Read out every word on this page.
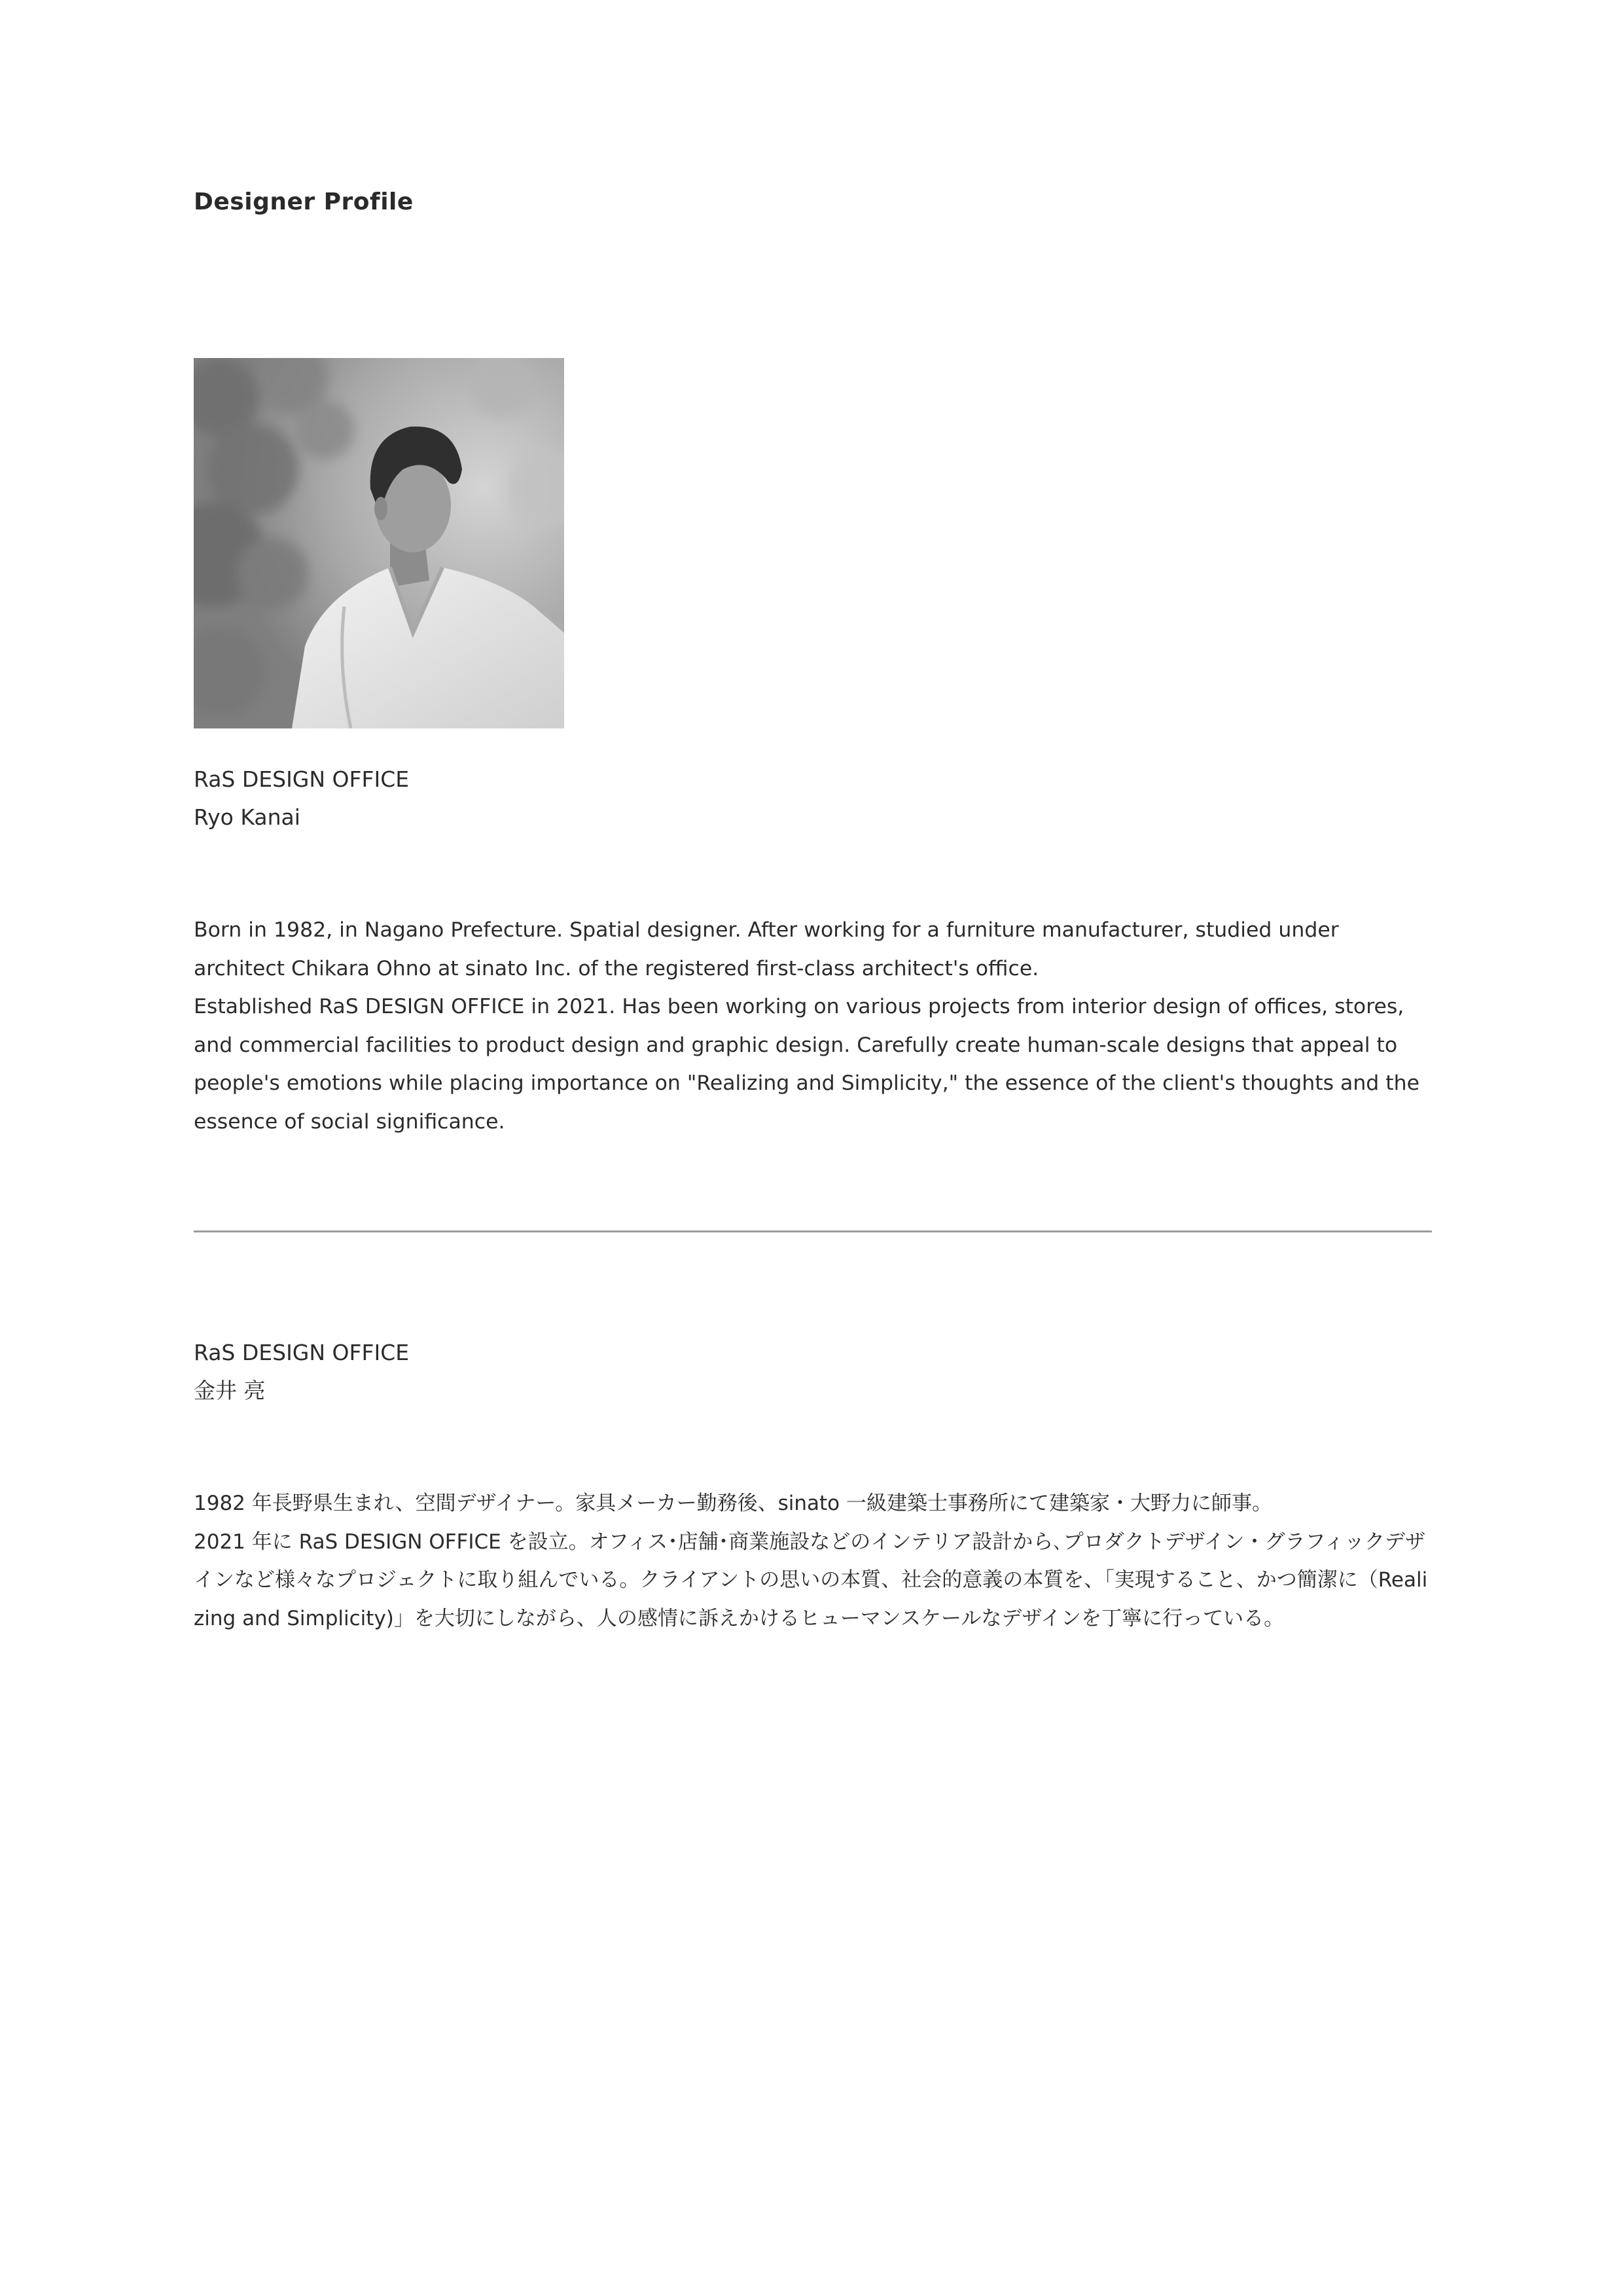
Designer Profile
RaS DESIGN OFFICE
Ryo Kanai

Born in 1982, in Nagano Prefecture. Spatial designer. After working for a furniture manufacturer, studied under architect Chikara Ohno at sinato Inc. of the registered first-class architect's office.

Established RaS DESIGN OFFICE in 2021. Has been working on various projects from interior design of offices, stores, and commercial facilities to product design and graphic design. Carefully create human-scale designs that appeal to people's emotions while placing importance on "Realizing and Simplicity," the essence of the client's thoughts and the essence of social significance.

RaS DESIGN OFFICE
金井 亮

1982 年長野県生まれ、空間デザイナー。家具メーカー勤務後、sinato 一級建築士事務所にて建築家・大野力に師事。

2021 年に RaS DESIGN OFFICE を設立。オフィス･店舗･商業施設などのインテリア設計から､プロダクトデザイン・グラフィックデザインなど様々なプロジェクトに取り組んでいる。クライアントの思いの本質、社会的意義の本質を、「実現すること、かつ簡潔に（Realizing and Simplicity)」を大切にしながら、人の感情に訴えかけるヒューマンスケールなデザインを丁寧に行っている。
